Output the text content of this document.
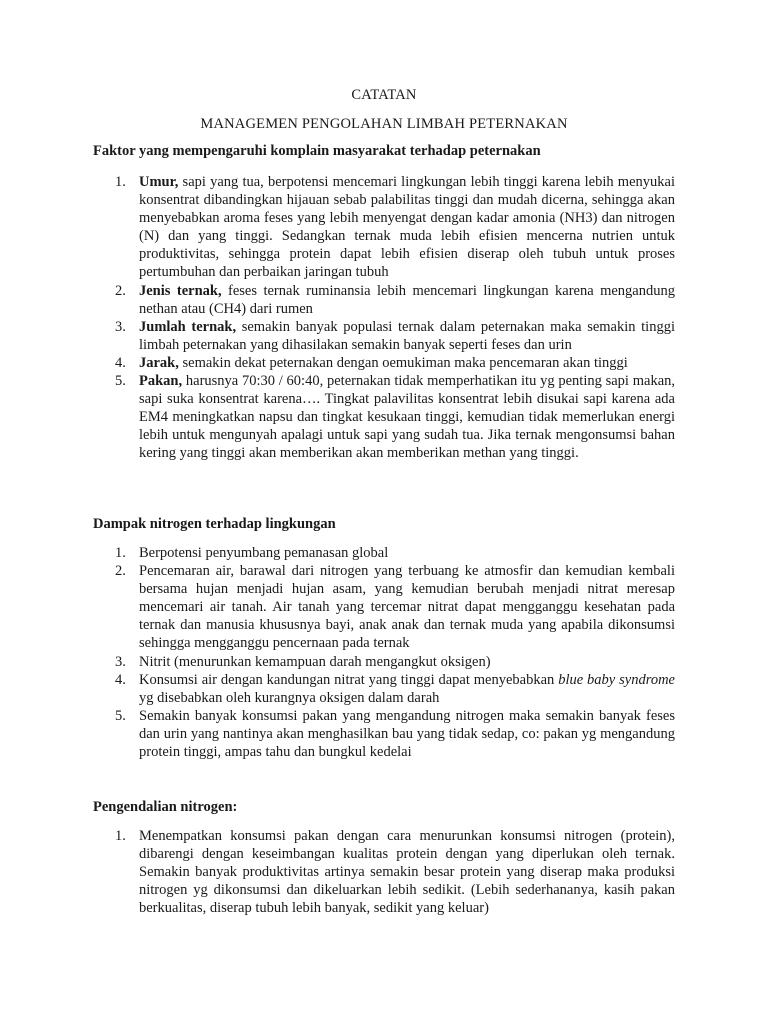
CATATAN
MANAGEMEN PENGOLAHAN LIMBAH PETERNAKAN
Faktor yang mempengaruhi komplain masyarakat terhadap peternakan
1. Umur, sapi yang tua, berpotensi mencemari lingkungan lebih tinggi karena lebih menyukai konsentrat dibandingkan hijauan sebab palabilitas tinggi dan mudah dicerna, sehingga akan menyebabkan aroma feses yang lebih menyengat dengan kadar amonia (NH3) dan nitrogen (N) dan yang tinggi. Sedangkan ternak muda lebih efisien mencerna nutrien untuk produktivitas, sehingga protein dapat lebih efisien diserap oleh tubuh untuk proses pertumbuhan dan perbaikan jaringan tubuh
2. Jenis ternak, feses ternak ruminansia lebih mencemari lingkungan karena mengandung nethan atau (CH4) dari rumen
3. Jumlah ternak, semakin banyak populasi ternak dalam peternakan maka semakin tinggi limbah peternakan yang dihasilakan semakin banyak seperti feses dan urin
4. Jarak, semakin dekat peternakan dengan oemukiman maka pencemaran akan tinggi
5. Pakan, harusnya 70:30 / 60:40, peternakan tidak memperhatikan itu yg penting sapi makan, sapi suka konsentrat karena…. Tingkat palavilitas konsentrat lebih disukai sapi karena ada EM4 meningkatkan napsu dan tingkat kesukaan tinggi, kemudian tidak memerlukan energi lebih untuk mengunyah apalagi untuk sapi yang sudah tua. Jika ternak mengonsumsi bahan kering yang tinggi akan memberikan akan memberikan methan yang tinggi.
Dampak nitrogen terhadap lingkungan
1. Berpotensi penyumbang pemanasan global
2. Pencemaran air, barawal dari nitrogen yang terbuang ke atmosfir dan kemudian kembali bersama hujan menjadi hujan asam, yang kemudian berubah menjadi nitrat meresap mencemari air tanah. Air tanah yang tercemar nitrat dapat mengganggu kesehatan pada ternak dan manusia khususnya bayi, anak anak dan ternak muda yang apabila dikonsumsi sehingga mengganggu pencernaan pada ternak
3. Nitrit (menurunkan kemampuan darah mengangkut oksigen)
4. Konsumsi air dengan kandungan nitrat yang tinggi dapat menyebabkan blue baby syndrome yg disebabkan oleh kurangnya oksigen dalam darah
5. Semakin banyak konsumsi pakan yang mengandung nitrogen maka semakin banyak feses dan urin yang nantinya akan menghasilkan bau yang tidak sedap, co: pakan yg mengandung protein tinggi, ampas tahu dan bungkul kedelai
Pengendalian nitrogen:
1. Menempatkan konsumsi pakan dengan cara menurunkan konsumsi nitrogen (protein), dibarengi dengan keseimbangan kualitas protein dengan yang diperlukan oleh ternak. Semakin banyak produktivitas artinya semakin besar protein yang diserap maka produksi nitrogen yg dikonsumsi dan dikeluarkan lebih sedikit. (Lebih sederhananya, kasih pakan berkualitas, diserap tubuh lebih banyak, sedikit yang keluar)
